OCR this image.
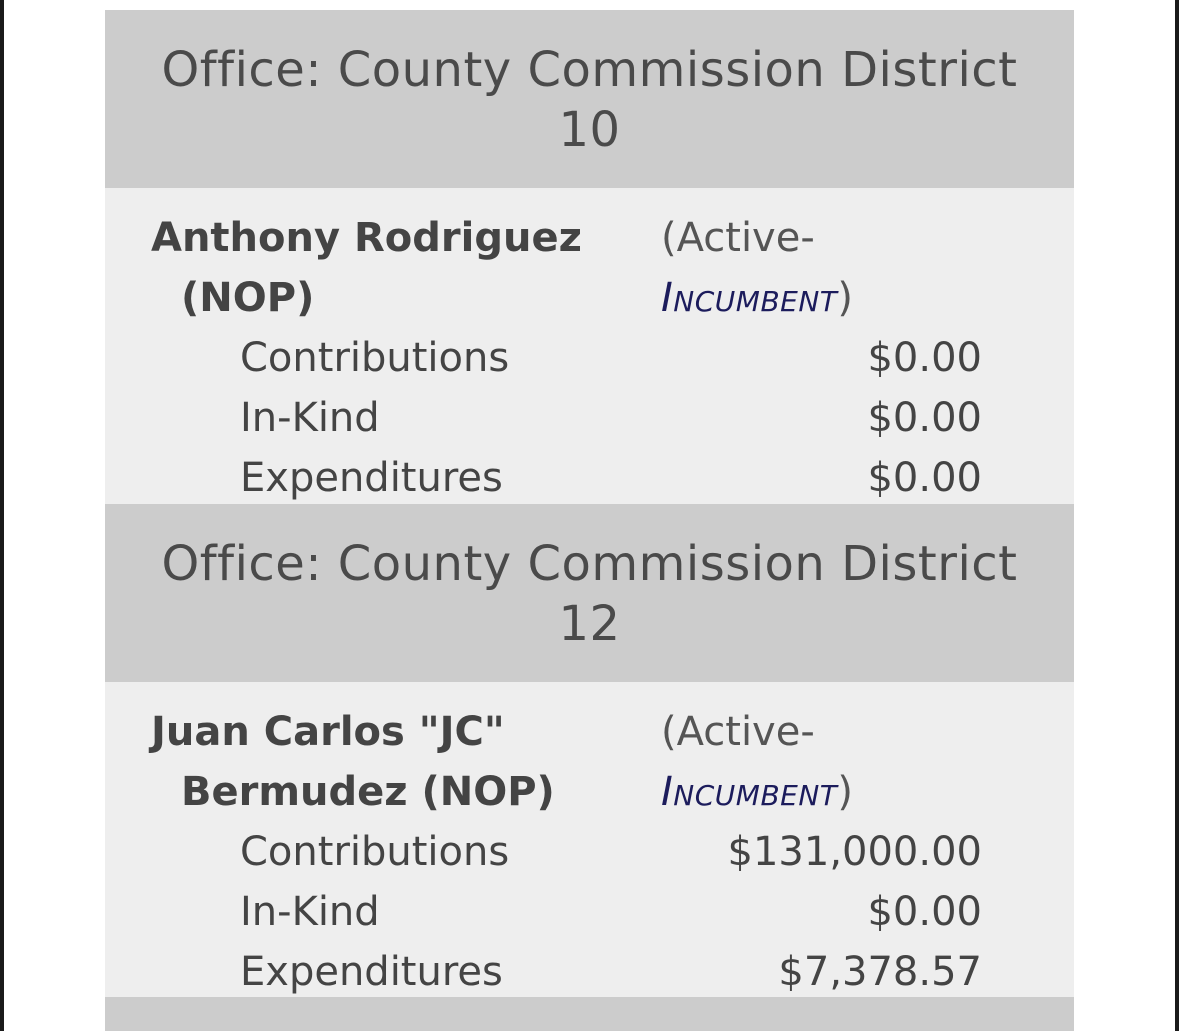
Office: County Commission District
10
Anthony Rodriguez
(NOP)
(Active-
Incumbent)
Contributions	$0.00
In-Kind	$0.00
Expenditures	$0.00
Office: County Commission District
12
Juan Carlos "JC"
Bermudez (NOP)
(Active-
Incumbent)
Contributions	$131,000.00
In-Kind	$0.00
Expenditures	$7,378.57
